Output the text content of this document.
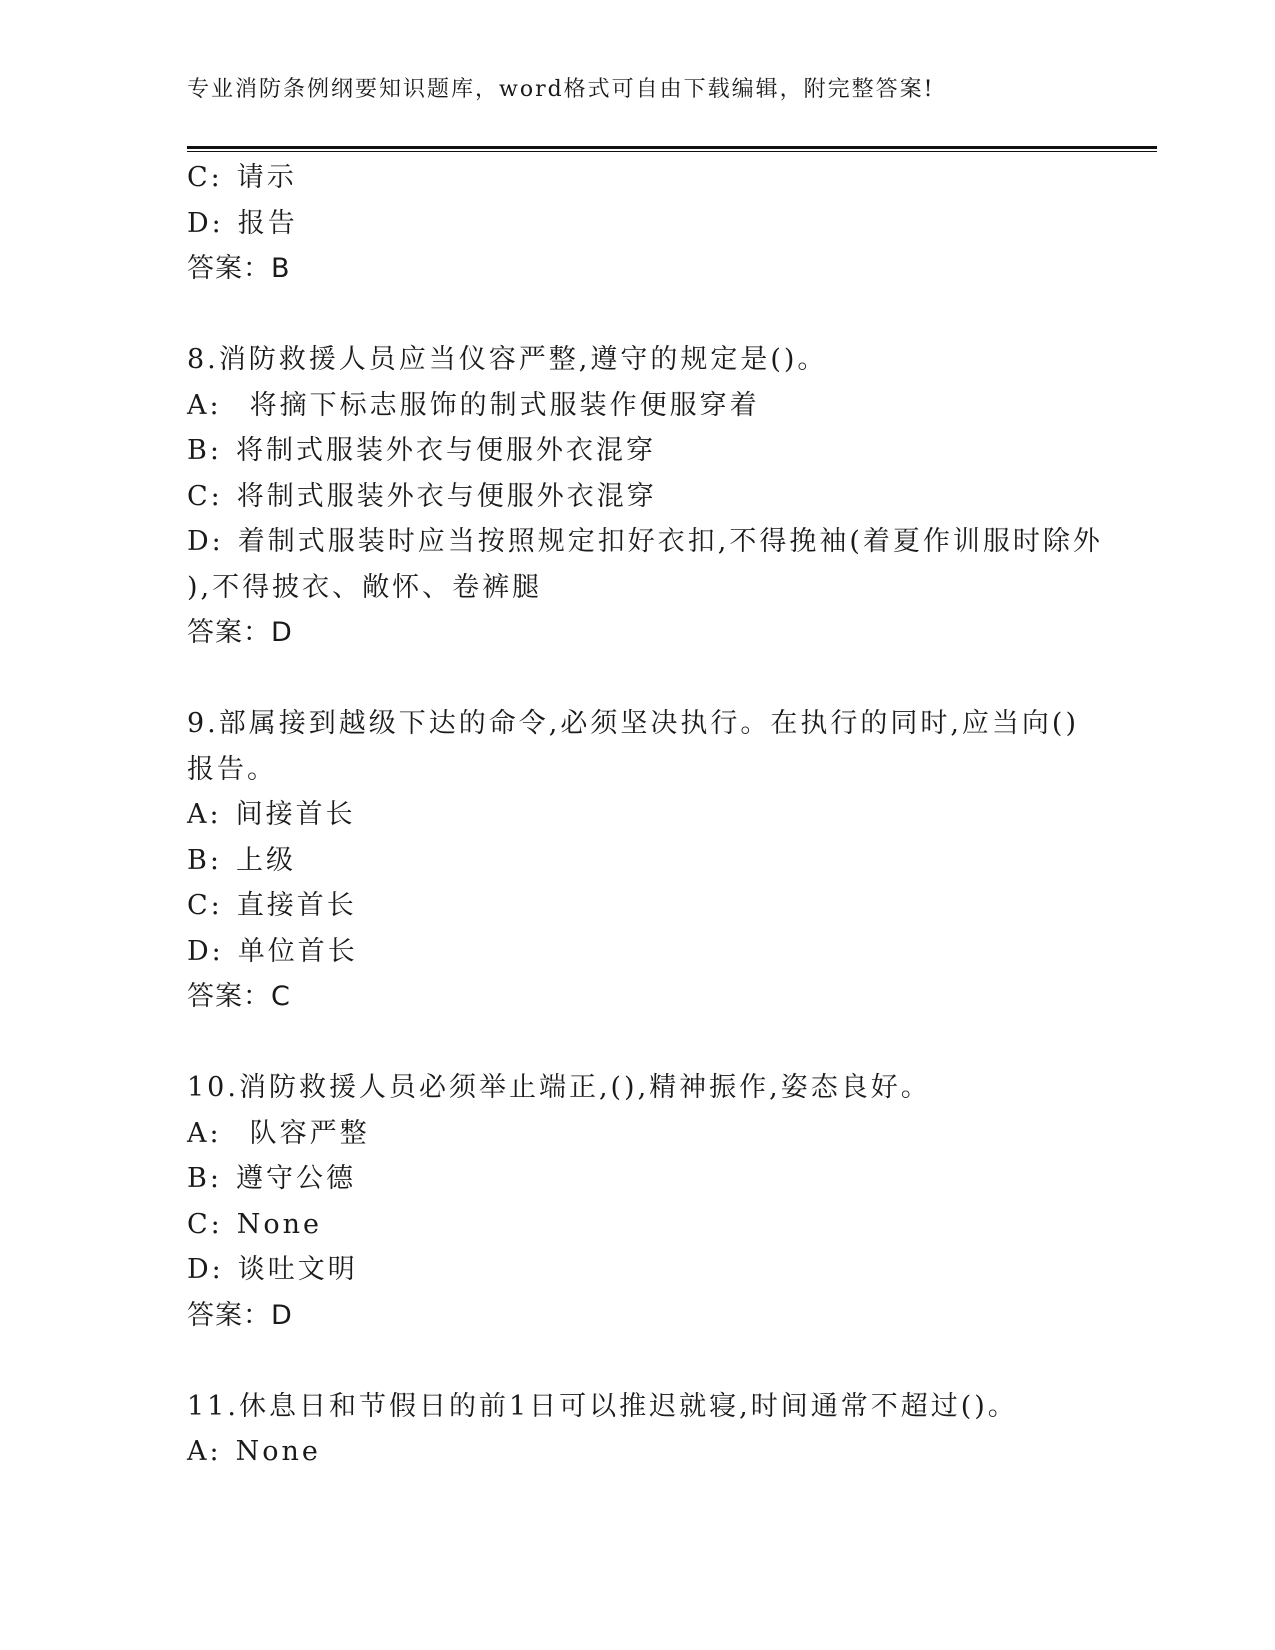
专业消防条例纲要知识题库，word格式可自由下载编辑，附完整答案!
C: 请示
D: 报告
答案：B
8.消防救援人员应当仪容严整,遵守的规定是()。
A: 将摘下标志服饰的制式服装作便服穿着
B: 将制式服装外衣与便服外衣混穿
C: 将制式服装外衣与便服外衣混穿
D: 着制式服装时应当按照规定扣好衣扣,不得挽袖(着夏作训服时除外
),不得披衣、敞怀、卷裤腿
答案：D
9.部属接到越级下达的命令,必须坚决执行。在执行的同时,应当向()
报告。
A: 间接首长
B: 上级
C: 直接首长
D: 单位首长
答案：C
10.消防救援人员必须举止端正,(),精神振作,姿态良好。
A: 队容严整
B: 遵守公德
C: None
D: 谈吐文明
答案：D
11.休息日和节假日的前1日可以推迟就寝,时间通常不超过()。
A: None
